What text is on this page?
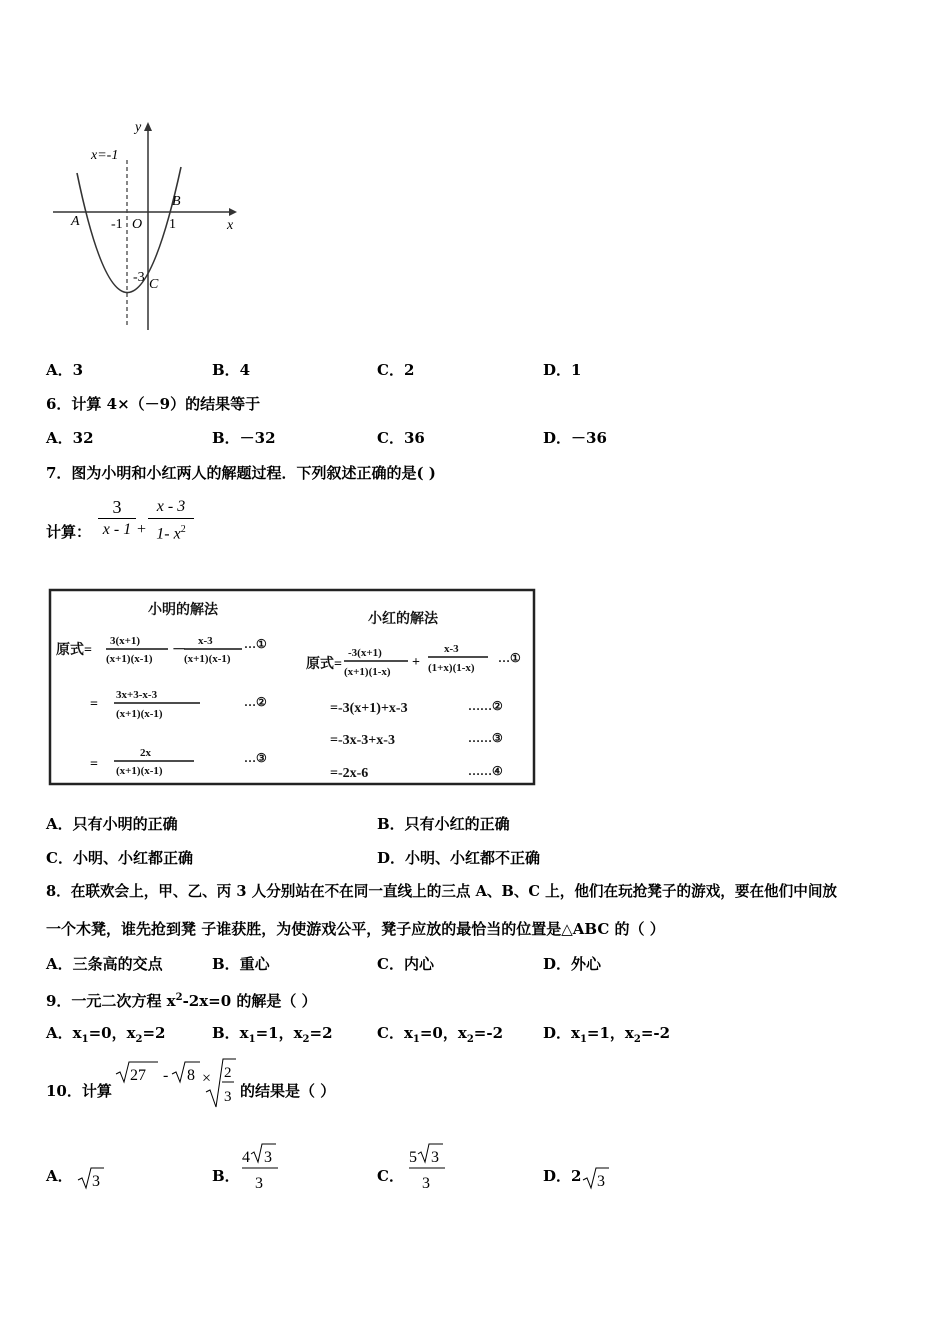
y
x
x=-1
A
B
C
O
-1	1
-3
A．3	B．4	C．2	D．1
6．计算 4×（－9）的结果等于
A．32	B．－32	C．36	D．－36
7．图为小明和小红两人的解题过程．下列叙述正确的是( )
计算：
3
x - 1 +
x - 3
1- $x^2$
小明的解法
小红的解法
原式=
3(x+1)
(x+1)(x-1)
－
x-3
(x+1)(x-1)
…①
=
3x+3-x-3
(x+1)(x-1)
…②
=
2x
(x+1)(x-1)
…③
原式=
-3(x+1)
(x+1)(1-x)
+
x-3
(1+x)(1-x)
…①
=-3(x+1)+x-3	……②
=-3x-3+x-3	……③
=-2x-6	……④
A．只有小明的正确	B．只有小红的正确
C．小明、小红都正确	D．小明、小红都不正确
8．在联欢会上，甲、乙、丙 3 人分别站在不在同一直线上的三点 A、B、C 上，他们在玩抢凳子的游戏，要在他们中间放
一个木凳，谁先抢到凳 子谁获胜，为使游戏公平，凳子应放的最恰当的位置是△ABC 的（ ）
A．三条高的交点	B．重心	C．内心	D．外心
9．一元二次方程 $x^2-2x=0$ 的解是（ ）
A．$x_1=0$，$x_2=2$	B．$x_1=1$，$x_2=2$	C．$x_1=0$，$x_2=-2$	D．$x_1=1$，$x_2=-2$
10．计算
27 - 8 × 2
3 的结果是（ ）
A． 3	B．
4 3
3	C．
5 3
3	D．2 3
